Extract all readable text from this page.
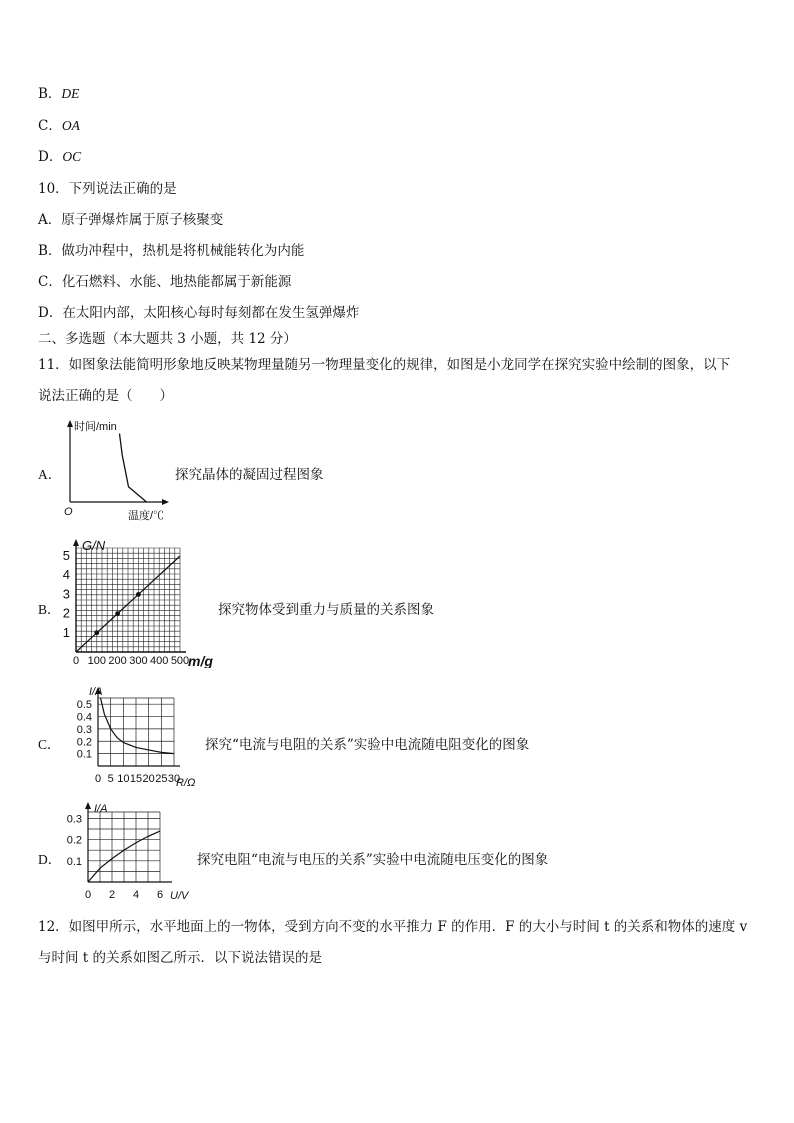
B．DE
C．OA
D．OC
10．下列说法正确的是
A．原子弹爆炸属于原子核聚变
B．做功冲程中，热机是将机械能转化为内能
C．化石燃料、水能、地热能都属于新能源
D．在太阳内部，太阳核心每时每刻都在发生氢弹爆炸
二、多选题（本大题共 3 小题，共 12 分）
11．如图象法能简明形象地反映某物理量随另一物理量变化的规律，如图是小龙同学在探究实验中绘制的图象，以下
说法正确的是（　　）
A．
时间/min
温度/℃
O
探究晶体的凝固过程图象
B．
0 100 200 300 400 500
1
2
3
4
5
G/N
m/g
探究物体受到重力与质量的关系图象
C．
0 5 10 15 20 25 30
0.1
0.2
0.3
0.4
0.5
I/A
R/Ω
探究“电流与电阻的关系”实验中电流随电阻变化的图象
D．
0 2 4 6
0.1
0.2
0.3
I/A
U/V
探究电阻“电流与电压的关系”实验中电流随电压变化的图象
12．如图甲所示，水平地面上的一物体，受到方向不变的水平推力 F 的作用．F 的大小与时间 t 的关系和物体的速度 v
与时间 t 的关系如图乙所示．以下说法错误的是
